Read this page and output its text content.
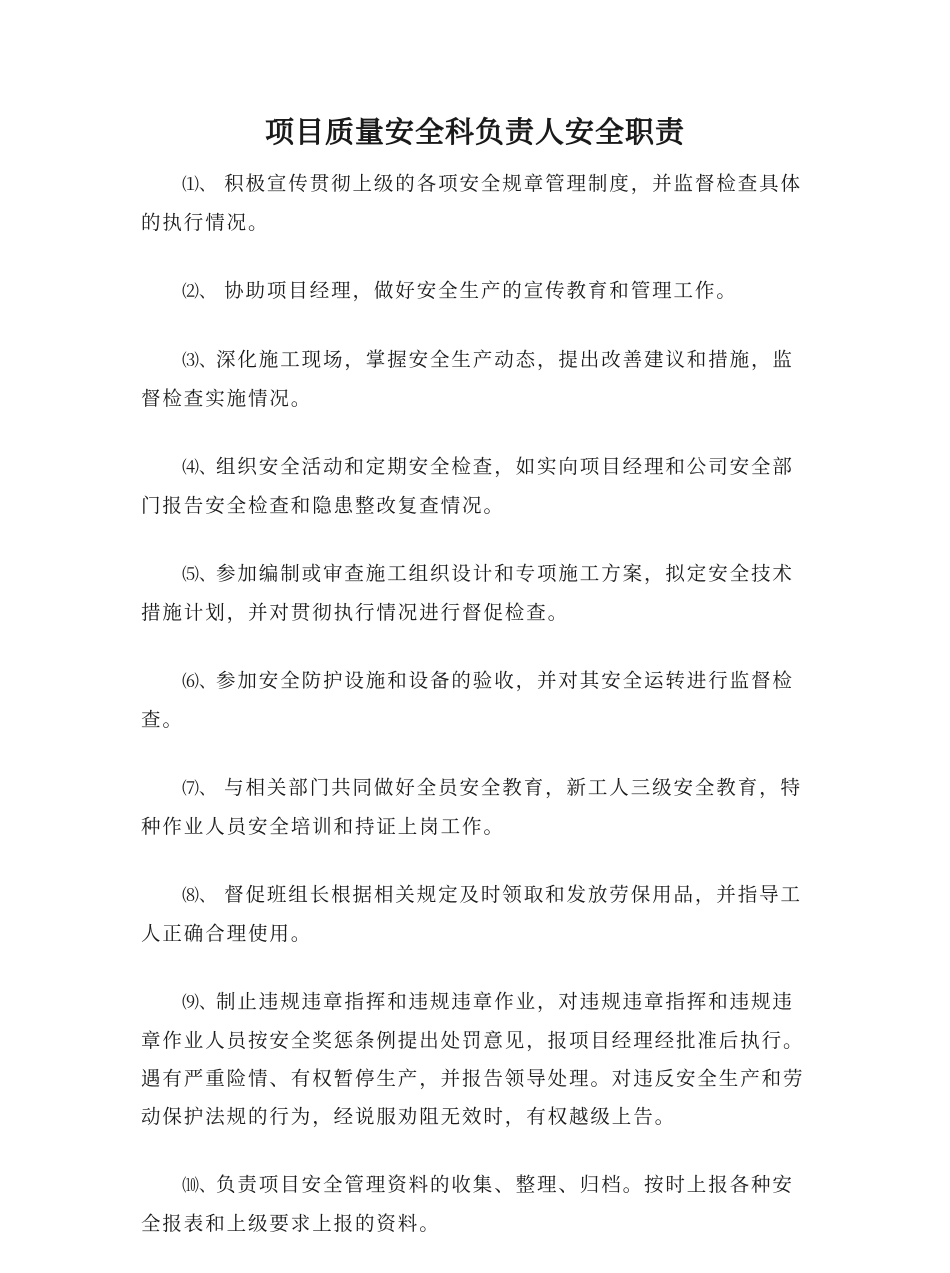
项目质量安全科负责人安全职责

⑴、 积极宣传贯彻上级的各项安全规章管理制度，并监督检查具体的执行情况。

⑵、 协助项目经理，做好安全生产的宣传教育和管理工作。

⑶、深化施工现场，掌握安全生产动态，提出改善建议和措施，监督检查实施情况。

⑷、组织安全活动和定期安全检查，如实向项目经理和公司安全部门报告安全检查和隐患整改复查情况。

⑸、参加编制或审查施工组织设计和专项施工方案，拟定安全技术措施计划，并对贯彻执行情况进行督促检查。

⑹、参加安全防护设施和设备的验收，并对其安全运转进行监督检查。

⑺、 与相关部门共同做好全员安全教育，新工人三级安全教育，特种作业人员安全培训和持证上岗工作。

⑻、 督促班组长根据相关规定及时领取和发放劳保用品，并指导工人正确合理使用。

⑼、制止违规违章指挥和违规违章作业，对违规违章指挥和违规违章作业人员按安全奖惩条例提出处罚意见，报项目经理经批准后执行。遇有严重险情、有权暂停生产，并报告领导处理。对违反安全生产和劳动保护法规的行为，经说服劝阻无效时，有权越级上告。

⑽、负责项目安全管理资料的收集、整理、归档。按时上报各种安全报表和上级要求上报的资料。
